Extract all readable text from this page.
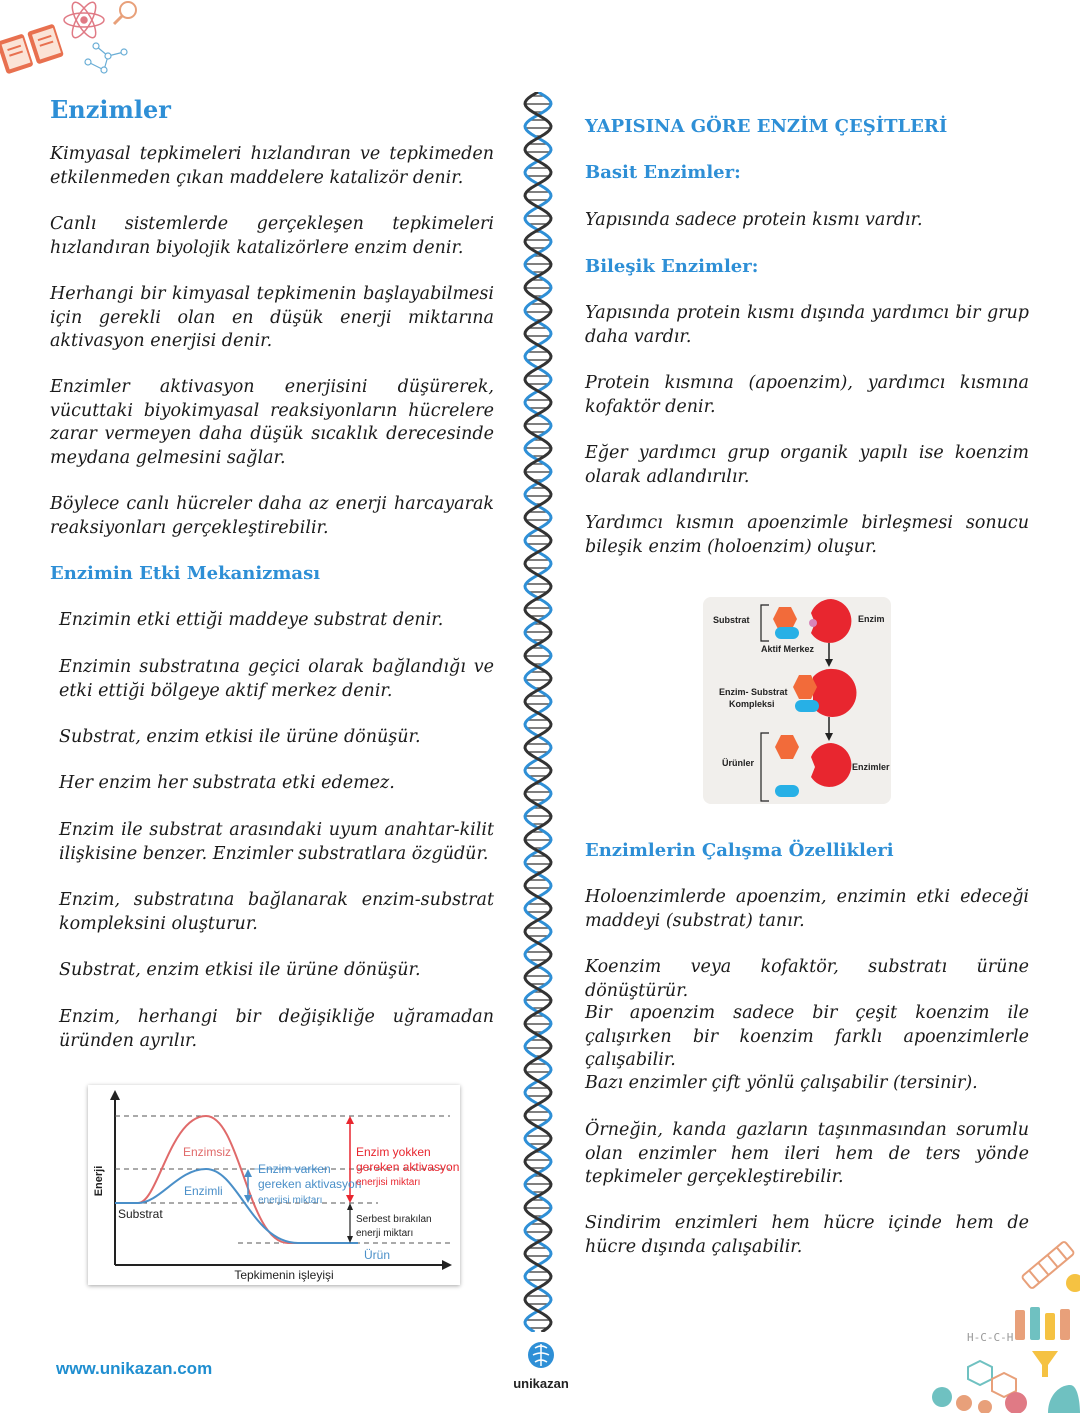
Enzimler

Kimyasal tepkimeleri hızlandıran ve tepkimeden etkilenmeden çıkan maddelere katalizör denir.

Canlı sistemlerde gerçekleşen tepkimeleri hızlandıran biyolojik katalizörlere enzim denir.

Herhangi bir kimyasal tepkimenin başlayabilmesi için gerekli olan en düşük enerji miktarına aktivasyon enerjisi denir.

Enzimler aktivasyon enerjisini düşürerek, vücuttaki biyokimyasal reaksiyonların hücrelere zarar vermeyen daha düşük sıcaklık derecesinde meydana gelmesini sağlar.

Böylece canlı hücreler daha az enerji harcayarak reaksiyonları gerçekleştirebilir.

Enzimin Etki Mekanizması

Enzimin etki ettiği maddeye substrat denir.

Enzimin substratına geçici olarak bağlandığı ve etki ettiği bölgeye aktif merkez denir.

Substrat, enzim etkisi ile ürüne dönüşür.

Her enzim her substrata etki edemez.

Enzim ile substrat arasındaki uyum anahtar-kilit ilişkisine benzer. Enzimler substratlara özgüdür.

Enzim, substratına bağlanarak enzim-substrat kompleksini oluşturur.

Substrat, enzim etkisi ile ürüne dönüşür.

Enzim, herhangi bir değişikliğe uğramadan üründen ayrılır.

Enerji
Tepkimenin işleyişi
Enzimsiz
Enzimli
Substrat
Ürün
Enzim varken
gereken aktivasyon
enerjisi miktarı
Enzim yokken
gereken aktivasyon
enerjisi miktarı
Serbest bırakılan
enerji miktarı
YAPISINA GÖRE ENZİM ÇEŞİTLERİ
Basit Enzimler:

Yapısında sadece protein kısmı vardır.

Bileşik Enzimler:

Yapısında protein kısmı dışında yardımcı bir grup daha vardır.

Protein kısmına (apoenzim), yardımcı kısmına kofaktör denir.

Eğer yardımcı grup organik yapılı ise koenzim olarak adlandırılır.

Yardımcı kısmın apoenzimle birleşmesi sonucu bileşik enzim (holoenzim) oluşur.

Substrat	Enzim
Aktif Merkez
Enzim- Substrat
Kompleksi
Ürünler	Enzimler
Enzimlerin Çalışma Özellikleri

Holoenzimlerde apoenzim, enzimin etki edeceği maddeyi (substrat) tanır.

Koenzim veya kofaktör, substratı ürüne dönüştürür.

Bir apoenzim sadece bir çeşit koenzim ile çalışırken bir koenzim farklı apoenzimlerle çalışabilir.

Bazı enzimler çift yönlü çalışabilir (tersinir).

Örneğin, kanda gazların taşınmasından sorumlu olan enzimler hem ileri hem de ters yönde tepkimeler gerçekleştirebilir.

Sindirim enzimleri hem hücre içinde hem de hücre dışında çalışabilir.

H-C-C-H
www.unikazan.com
unikazan
